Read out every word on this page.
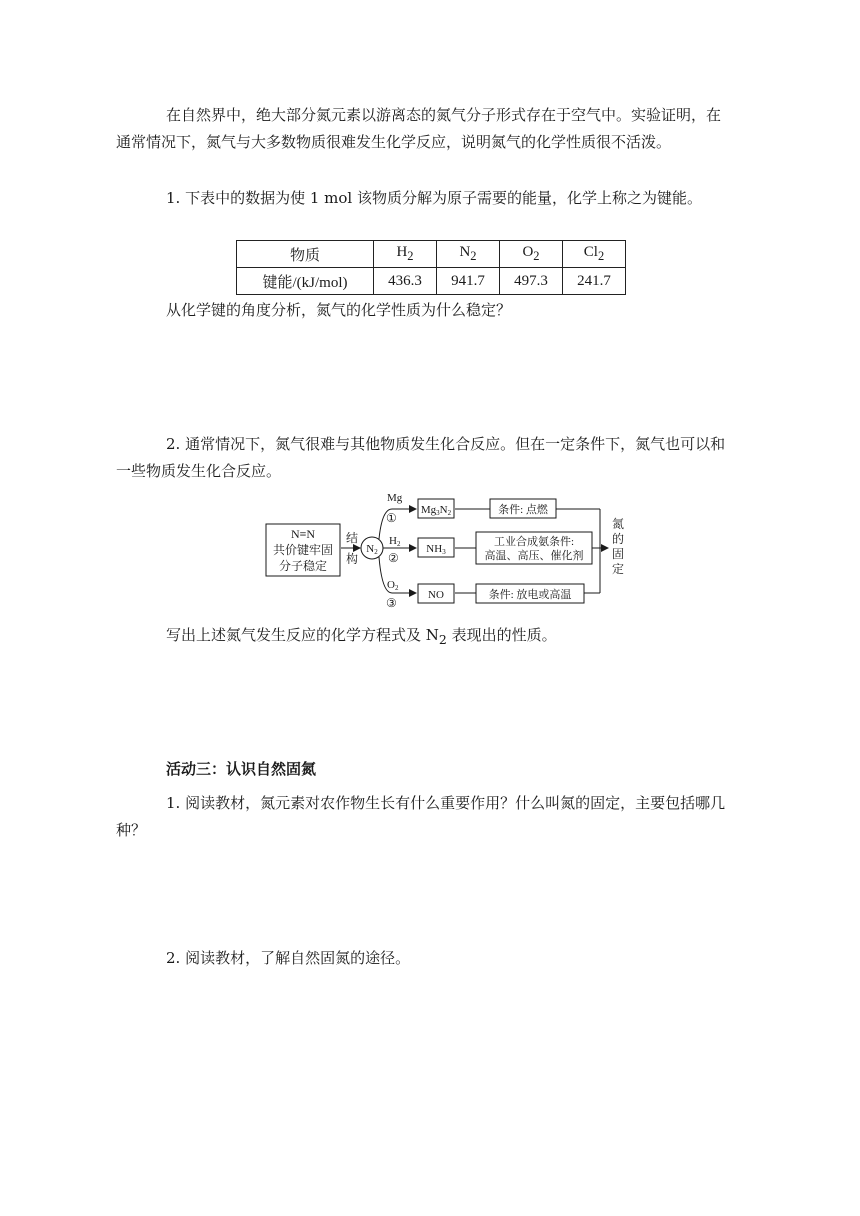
在自然界中，绝大部分氮元素以游离态的氮气分子形式存在于空气中。实验证明，在通常情况下，氮气与大多数物质很难发生化学反应，说明氮气的化学性质很不活泼。

1. 下表中的数据为使 1 mol 该物质分解为原子需要的能量，化学上称之为键能。

物质	$H_2$	$N_2$	$O_2$	$Cl_2$
键能/(kJ/mol)	436.3	941.7	497.3	241.7

从化学键的角度分析，氮气的化学性质为什么稳定？

2. 通常情况下，氮气很难与其他物质发生化合反应。但在一定条件下，氮气也可以和一些物质发生化合反应。

N≡N
共价键牢固
分子稳定
结
构
N2
Mg
①
Mg3N2	条件: 点燃
H2
②
NH3
工业合成氨条件:
高温、高压、催化剂
O2
③
NO	条件: 放电或高温
氮
的
固
定

写出上述氮气发生反应的化学方程式及 $N_2$ 表现出的性质。

活动三：认识自然固氮

1. 阅读教材，氮元素对农作物生长有什么重要作用？什么叫氮的固定，主要包括哪几种？

2. 阅读教材，了解自然固氮的途径。
